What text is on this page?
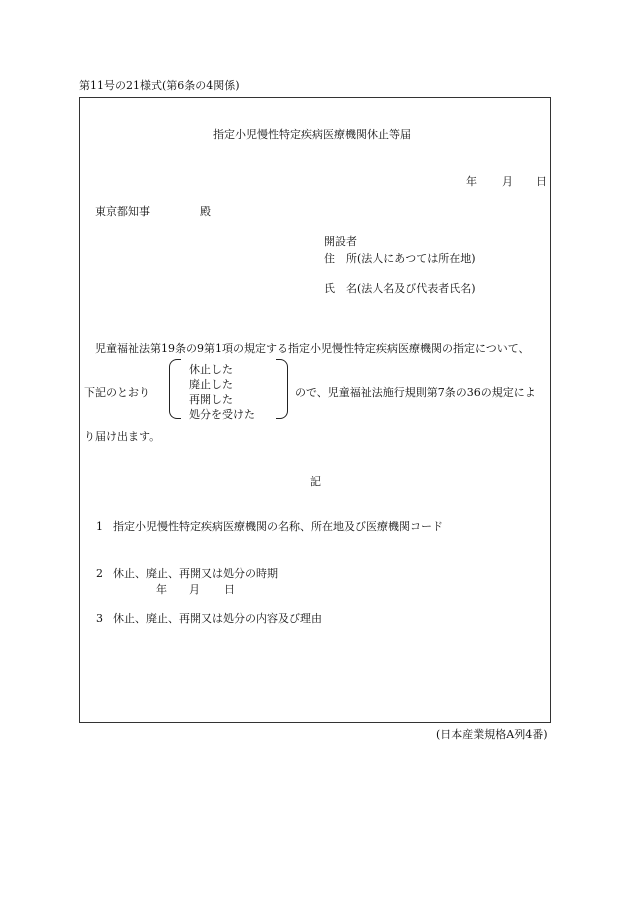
第11号の21様式(第6条の4関係)
指定小児慢性特定疾病医療機関休止等届
年 月 日
東京都知事	殿
開設者
住　所(法人にあつては所在地)
氏　名(法人名及び代表者氏名)
児童福祉法第19条の9第1項の規定する指定小児慢性特定疾病医療機関の指定について、
下記のとおり
休止した
廃止した
再開した
処分を受けた
ので、児童福祉法施行規則第7条の36の規定によ
り届け出ます。
記
1 指定小児慢性特定疾病医療機関の名称、所在地及び医療機関コード
2 休止、廃止、再開又は処分の時期
年 月 日
3 休止、廃止、再開又は処分の内容及び理由
(日本産業規格A列4番)
